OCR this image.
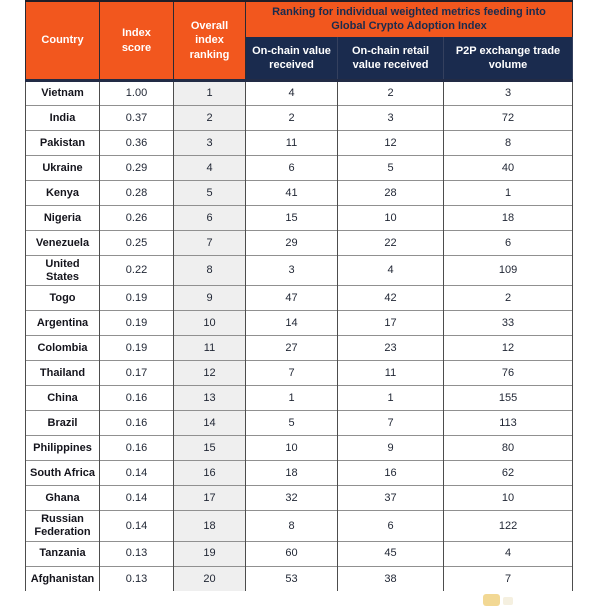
Country	Index score	Overall index ranking	Ranking for individual weighted metrics feeding into Global Crypto Adoption Index		
			On-chain value received	On-chain retail value received	P2P exchange trade volume
Vietnam	1.00	1	4	2	3
India	0.37	2	2	3	72
Pakistan	0.36	3	11	12	8
Ukraine	0.29	4	6	5	40
Kenya	0.28	5	41	28	1
Nigeria	0.26	6	15	10	18
Venezuela	0.25	7	29	22	6
United States	0.22	8	3	4	109
Togo	0.19	9	47	42	2
Argentina	0.19	10	14	17	33
Colombia	0.19	11	27	23	12
Thailand	0.17	12	7	11	76
China	0.16	13	1	1	155
Brazil	0.16	14	5	7	113
Philippines	0.16	15	10	9	80
South Africa	0.14	16	18	16	62
Ghana	0.14	17	32	37	10
Russian Federation	0.14	18	8	6	122
Tanzania	0.13	19	60	45	4
Afghanistan	0.13	20	53	38	7
